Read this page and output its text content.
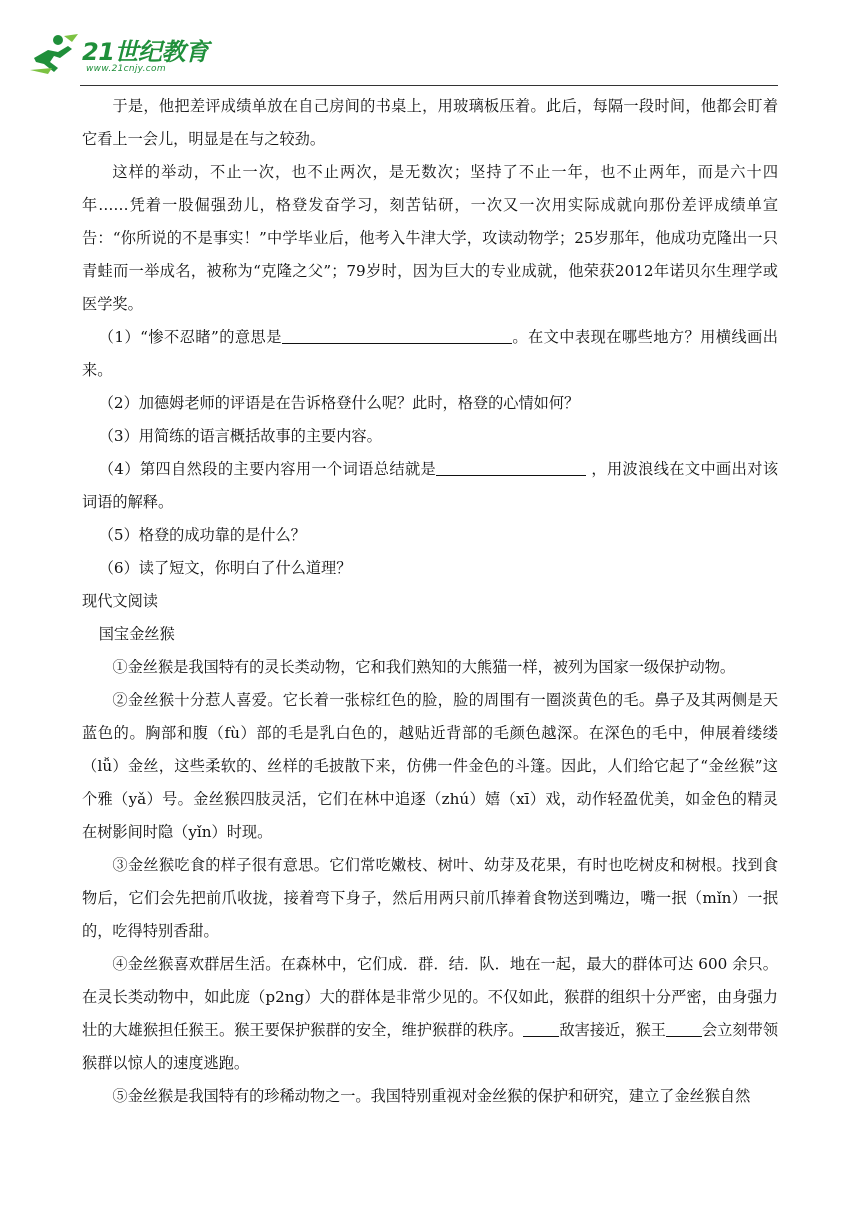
21世纪教育
www.21cnjy.com

于是，他把差评成绩单放在自己房间的书桌上，用玻璃板压着。此后，每隔一段时间，他都会盯着它看上一会儿，明显是在与之较劲。

这样的举动，不止一次，也不止两次，是无数次；坚持了不止一年，也不止两年，而是六十四年……凭着一股倔强劲儿，格登发奋学习，刻苦钻研，一次又一次用实际成就向那份差评成绩单宣告：“你所说的不是事实！”中学毕业后，他考入牛津大学，攻读动物学；25岁那年，他成功克隆出一只青蛙而一举成名，被称为“克隆之父”；79岁时，因为巨大的专业成就，他荣获2012年诺贝尔生理学或医学奖。

（1）“惨不忍睹”的意思是	。在文中表现在哪些地方？用横线画出来。

（2）加德姆老师的评语是在告诉格登什么呢？此时，格登的心情如何？

（3）用简练的语言概括故事的主要内容。

（4）第四自然段的主要内容用一个词语总结就是	，用波浪线在文中画出对该词语的解释。

（5）格登的成功靠的是什么？

（6）读了短文，你明白了什么道理？

现代文阅读

国宝金丝猴

①金丝猴是我国特有的灵长类动物，它和我们熟知的大熊猫一样，被列为国家一级保护动物。

②金丝猴十分惹人喜爱。它长着一张棕红色的脸，脸的周围有一圈淡黄色的毛。鼻子及其两侧是天蓝色的。胸部和腹（fù）部的毛是乳白色的，越贴近背部的毛颜色越深。在深色的毛中，伸展着缕缕（lǚ）金丝，这些柔软的、丝样的毛披散下来，仿佛一件金色的斗篷。因此，人们给它起了“金丝猴”这个雅（yǎ）号。金丝猴四肢灵活，它们在林中追逐（zhú）嬉（xī）戏，动作轻盈优美，如金色的精灵在树影间时隐（yǐn）时现。

③金丝猴吃食的样子很有意思。它们常吃嫩枝、树叶、幼芽及花果，有时也吃树皮和树根。找到食物后，它们会先把前爪收拢，接着弯下身子，然后用两只前爪捧着食物送到嘴边，嘴一抿（mǐn）一抿的，吃得特别香甜。

④金丝猴喜欢群居生活。在森林中，它们成．群．结．队．地在一起，最大的群体可达 600 余只。在灵长类动物中，如此庞（p2ng）大的群体是非常少见的。不仅如此，猴群的组织十分严密，由身强力壮的大雄猴担任猴王。猴王要保护猴群的安全，维护猴群的秩序。 敌害接近，猴王 会立刻带领猴群以惊人的速度逃跑。

⑤金丝猴是我国特有的珍稀动物之一。我国特别重视对金丝猴的保护和研究，建立了金丝猴自然
